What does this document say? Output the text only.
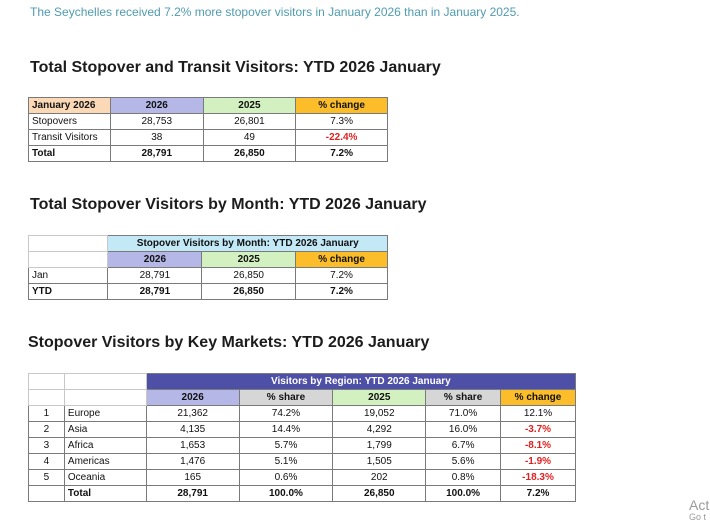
The Seychelles received 7.2% more stopover visitors in January 2026 than in January 2025.
Total Stopover and Transit Visitors: YTD 2026 January
January 2026	2026	2025	% change
Stopovers	28,753	26,801	7.3%
Transit Visitors	38	49	-22.4%
Total	28,791	26,850	7.2%
Total Stopover Visitors by Month: YTD 2026 January
	Stopover Visitors by Month: YTD 2026 January		
	2026	2025	% change
Jan	28,791	26,850	7.2%
YTD	28,791	26,850	7.2%
Stopover Visitors by Key Markets: YTD 2026 January
		Visitors by Region: YTD 2026 January				
		2026	% share	2025	% share	% change
1	Europe	21,362	74.2%	19,052	71.0%	12.1%
2	Asia	4,135	14.4%	4,292	16.0%	-3.7%
3	Africa	1,653	5.7%	1,799	6.7%	-8.1%
4	Americas	1,476	5.1%	1,505	5.6%	-1.9%
5	Oceania	165	0.6%	202	0.8%	-18.3%
	Total	28,791	100.0%	26,850	100.0%	7.2%
Act
Go t
